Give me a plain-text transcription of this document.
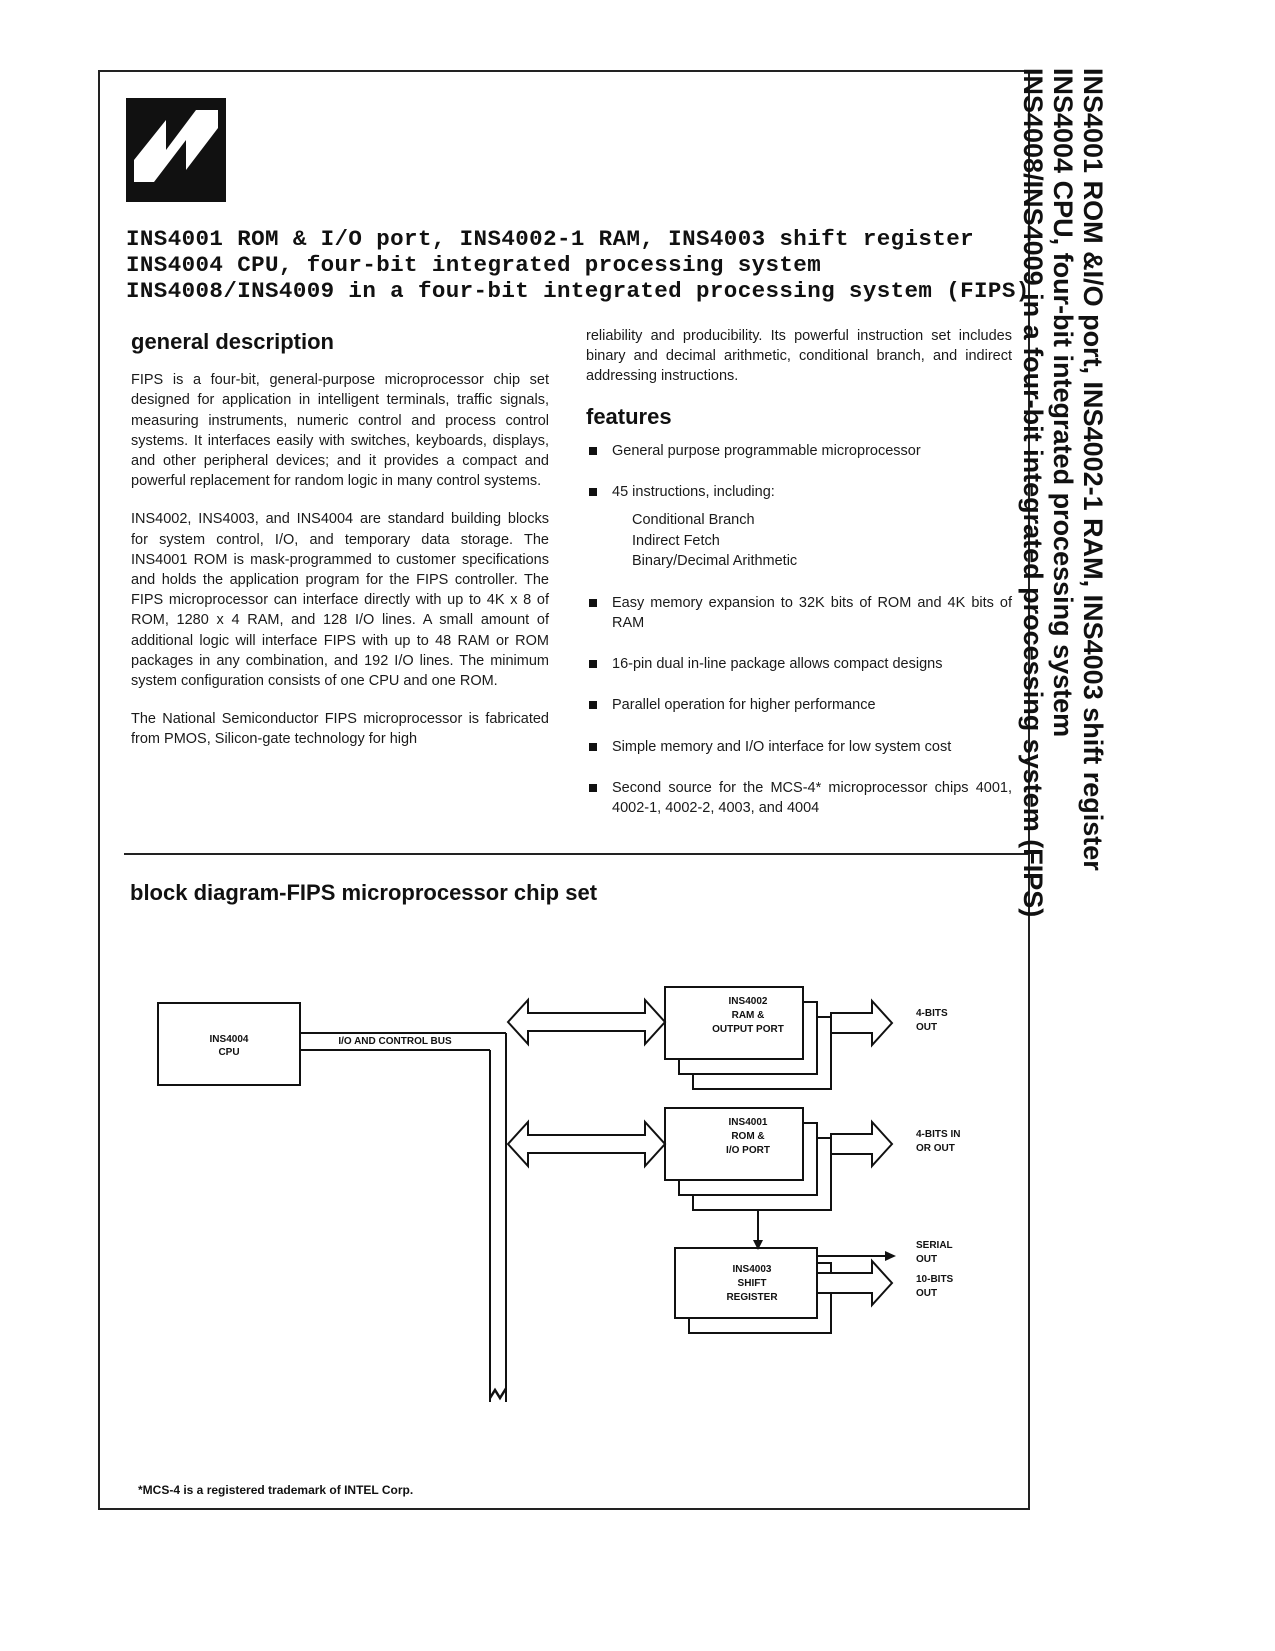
INS4001 ROM & I/O port, INS4002-1 RAM, INS4003 shift register
INS4004 CPU, four-bit integrated processing system
INS4008/INS4009 in a four-bit integrated processing system (FIPS)
general description

FIPS is a four-bit, general-purpose microprocessor chip set designed for application in intelligent terminals, traffic signals, measuring instruments, numeric control and process control systems. It interfaces easily with switches, keyboards, displays, and other peripheral devices; and it provides a compact and powerful replacement for random logic in many control systems.

INS4002, INS4003, and INS4004 are standard building blocks for system control, I/O, and temporary data storage. The INS4001 ROM is mask-programmed to customer specifications and holds the application program for the FIPS controller. The FIPS microprocessor can interface directly with up to 4K x 8 of ROM, 1280 x 4 RAM, and 128 I/O lines. A small amount of additional logic will interface FIPS with up to 48 RAM or ROM packages in any combination, and 192 I/O lines. The minimum system configuration consists of one CPU and one ROM.

The National Semiconductor FIPS microprocessor is fabricated from PMOS, Silicon-gate technology for high

reliability and producibility. Its powerful instruction set includes binary and decimal arithmetic, conditional branch, and indirect addressing instructions.

features
General purpose programmable microprocessor
45 instructions, including:
Conditional Branch
Indirect Fetch
Binary/Decimal Arithmetic
Easy memory expansion to 32K bits of ROM and 4K bits of RAM
16-pin dual in-line package allows compact designs
Parallel operation for higher performance
Simple memory and I/O interface for low system cost
Second source for the MCS-4* microprocessor chips 4001, 4002-1, 4002-2, 4003, and 4004
block diagram-FIPS microprocessor chip set
INS4004 CPU
I/O AND CONTROL BUS
INS4002 RAM & OUTPUT PORT
4-BITS OUT
INS4001 ROM & I/O PORT
4-BITS IN OR OUT
INS4003 SHIFT REGISTER
SERIAL OUT
10-BITS OUT
*MCS-4 is a registered trademark of INTEL Corp.
INS4001 ROM &I/O port, INS4002-1 RAM, INS4003 shift register
INS4004 CPU, four-bit integrated processing system
INS4008/INS4009 in a four-bit integrated processing system (FIPS)
